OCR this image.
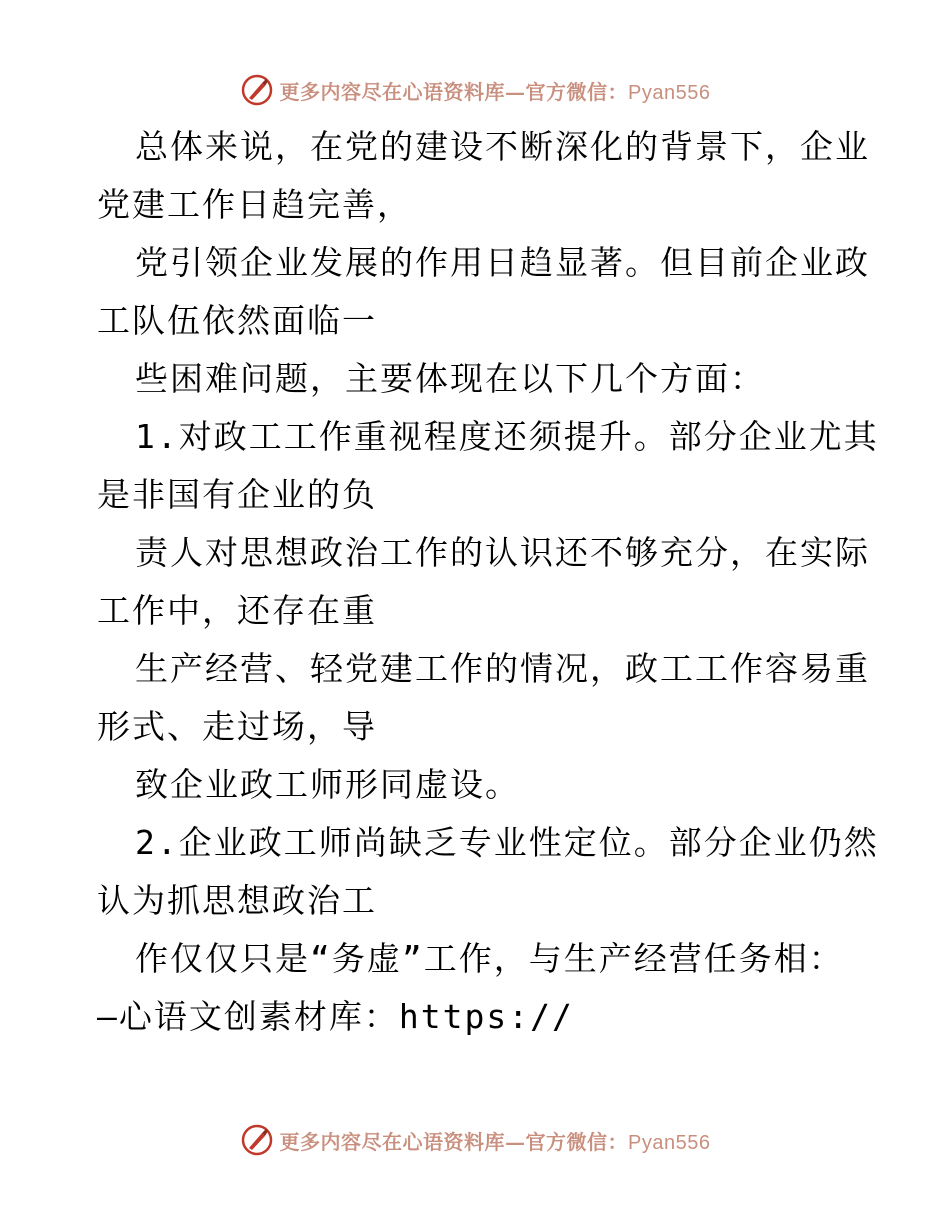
更多内容尽在心语资料库—官方微信：Pyan556
总体来说，在党的建设不断深化的背景下，企业
党建工作日趋完善，
党引领企业发展的作用日趋显著。但目前企业政
工队伍依然面临一
些困难问题，主要体现在以下几个方面：
1.对政工工作重视程度还须提升。部分企业尤其
是非国有企业的负
责人对思想政治工作的认识还不够充分，在实际
工作中，还存在重
生产经营、轻党建工作的情况，政工工作容易重
形式、走过场，导
致企业政工师形同虚设。
2.企业政工师尚缺乏专业性定位。部分企业仍然
认为抓思想政治工
作仅仅只是“务虚”工作，与生产经营任务相：
—心语文创素材库：https://
更多内容尽在心语资料库—官方微信：Pyan556
